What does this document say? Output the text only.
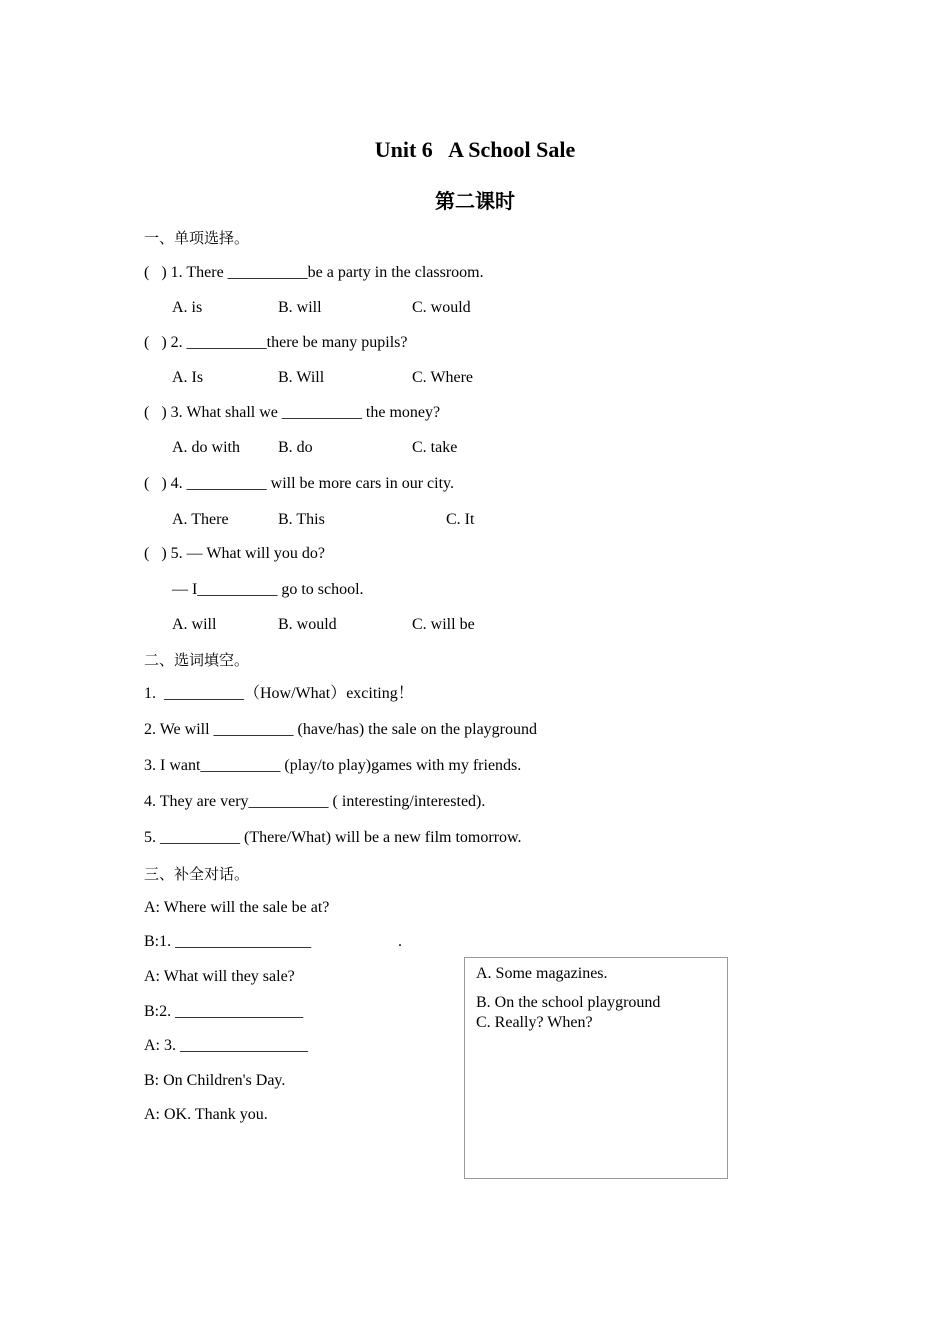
Unit 6   A School Sale
第二课时
一、单项选择。
(   ) 1. There __________be a party in the classroom.
A. is	B. will	C. would
(   ) 2. __________there be many pupils?
A. Is	B. Will	C. Where
(   ) 3. What shall we __________ the money?
A. do with B. do	C. take
(   ) 4. __________ will be more cars in our city.
A. There	B. This	C. It
(   ) 5. — What will you do?
— I__________ go to school.
A. will	B. would	C. will be
二、选词填空。
1.  __________（How/What）exciting！
2. We will __________ (have/has) the sale on the playground
3. I want__________ (play/to play)games with my friends.
4. They are very__________ ( interesting/interested).
5. __________ (There/What) will be a new film tomorrow.
三、补全对话。
A: Where will the sale be at?
B:1. _________________	.
A: What will they sale?
B:2. ________________
A: 3. ________________
B: On Children's Day.
A: OK. Thank you.
A. Some magazines.
B. On the school playground
C. Really? When?
